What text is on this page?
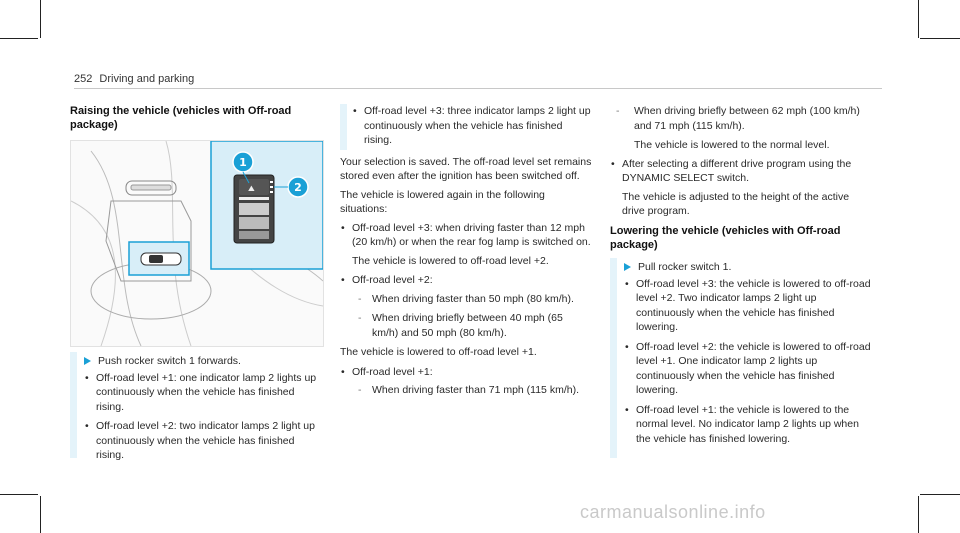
252 Driving and parking
Raising the vehicle (vehicles with Off-road package)
⛰
1
2
Push rocker switch 1 forwards.
• Off-road level +1: one indicator lamp 2 lights up continuously when the vehicle has finished rising.
• Off-road level +2: two indicator lamps 2 light up continuously when the vehicle has finished rising.
• Off-road level +3: three indicator lamps 2 light up continuously when the vehicle has finished rising.

Your selection is saved. The off-road level set remains stored even after the ignition has been switched off.

The vehicle is lowered again in the following situations:

• Off-road level +3: when driving faster than 12 mph (20 km/h) or when the rear fog lamp is switched on.
The vehicle is lowered to off-road level +2.
• Off-road level +2:
- When driving faster than 50 mph (80 km/h).
- When driving briefly between 40 mph (65 km/h) and 50 mph (80 km/h).
The vehicle is lowered to off-road level +1.
• Off-road level +1:
- When driving faster than 71 mph (115 km/h).
- When driving briefly between 62 mph (100 km/h) and 71 mph (115 km/h).

The vehicle is lowered to the normal level.

• After selecting a different drive program using the DYNAMIC SELECT switch.
The vehicle is adjusted to the height of the active drive program.
Lowering the vehicle (vehicles with Off-road package)
Pull rocker switch 1.
• Off-road level +3: the vehicle is lowered to off-road level +2. Two indicator lamps 2 light up continuously when the vehicle has finished lowering.
• Off-road level +2: the vehicle is lowered to off-road level +1. One indicator lamp 2 lights up continuously when the vehicle has finished lowering.
• Off-road level +1: the vehicle is lowered to the normal level. No indicator lamp 2 lights up when the vehicle has finished lowering.
carmanualsonline.info
